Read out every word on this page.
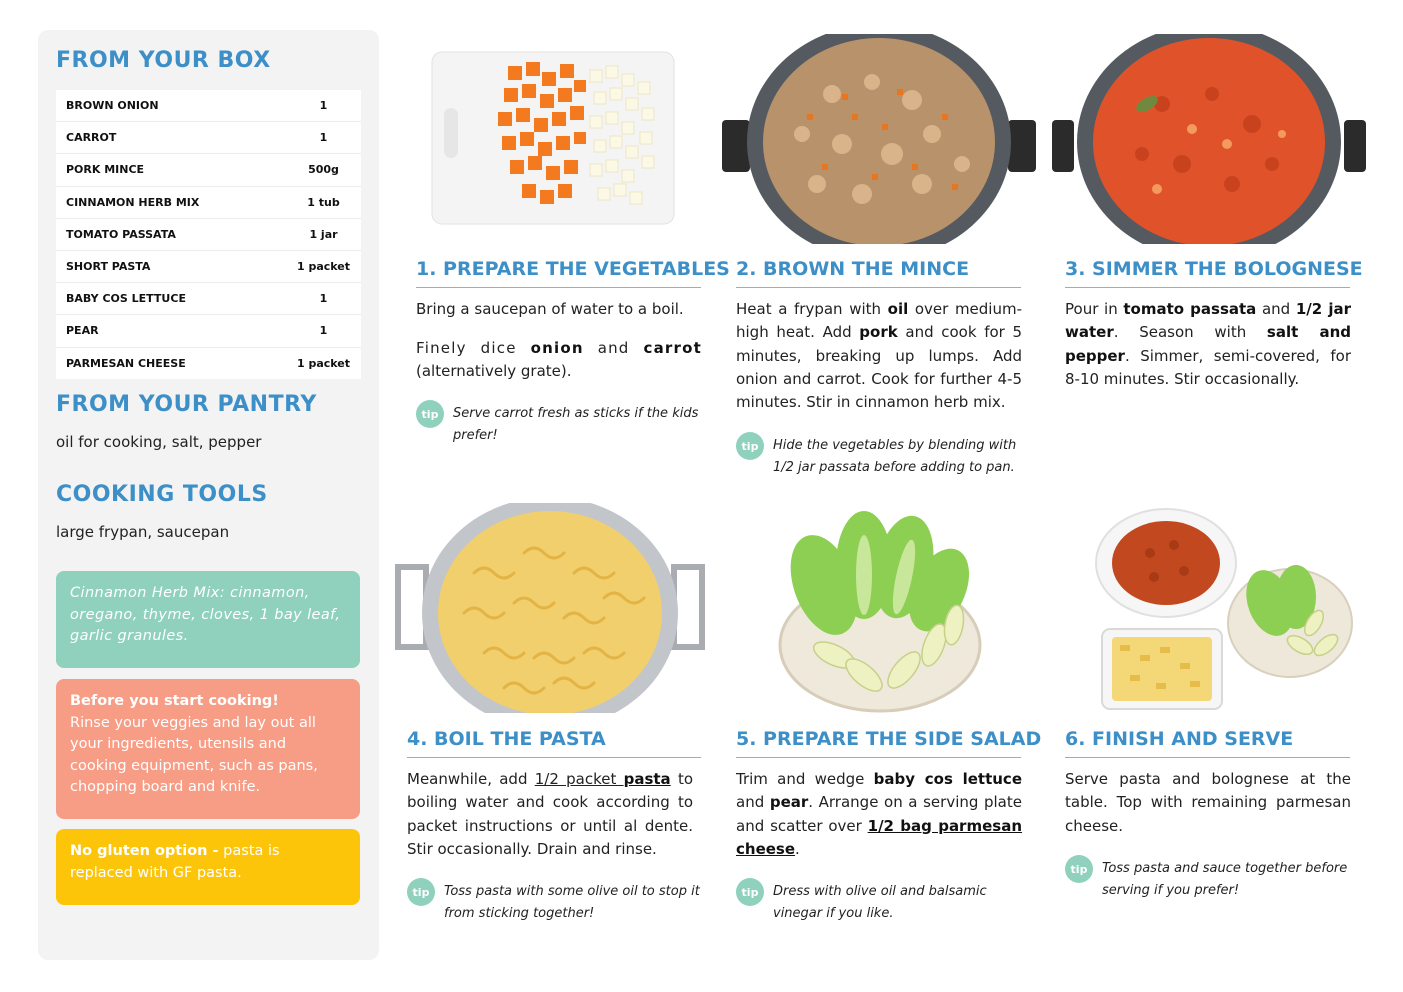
FROM YOUR BOX
BROWN ONION	1
CARROT	1
PORK MINCE	500g
CINNAMON HERB MIX	1 tub
TOMATO PASSATA	1 jar
SHORT PASTA	1 packet
BABY COS LETTUCE	1
PEAR	1
PARMESAN CHEESE	1 packet
FROM YOUR PANTRY

oil for cooking, salt, pepper

COOKING TOOLS

large frypan, saucepan

Cinnamon Herb Mix: cinnamon, oregano, thyme, cloves, 1 bay leaf, garlic granules.
Before you start cooking!
Rinse your veggies and lay out all your ingredients, utensils and cooking equipment, such as pans, chopping board and knife.
No gluten option - pasta is replaced with GF pasta.
1. PREPARE THE VEGETABLES

Bring a saucepan of water to a boil.

Finely dice onion and carrot (alternatively grate).

tip	Serve carrot fresh as sticks if the kids prefer!
2. BROWN THE MINCE

Heat a frypan with oil over medium-high heat. Add pork and cook for 5 minutes, breaking up lumps. Add onion and carrot. Cook for further 4-5 minutes. Stir in cinnamon herb mix.

tip	Hide the vegetables by blending with 1/2 jar passata before adding to pan.
3. SIMMER THE BOLOGNESE

Pour in tomato passata and 1/2 jar water. Season with salt and pepper. Simmer, semi-covered, for 8-10 minutes. Stir occasionally.

4. BOIL THE PASTA

Meanwhile, add 1/2 packet pasta to boiling water and cook according to packet instructions or until al dente. Stir occasionally. Drain and rinse.

tip	Toss pasta with some olive oil to stop it from sticking together!
5. PREPARE THE SIDE SALAD

Trim and wedge baby cos lettuce and pear. Arrange on a serving plate and scatter over 1/2 bag parmesan cheese.

tip	Dress with olive oil and balsamic vinegar if you like.
6. FINISH AND SERVE

Serve pasta and bolognese at the table. Top with remaining parmesan cheese.

tip	Toss pasta and sauce together before serving if you prefer!
